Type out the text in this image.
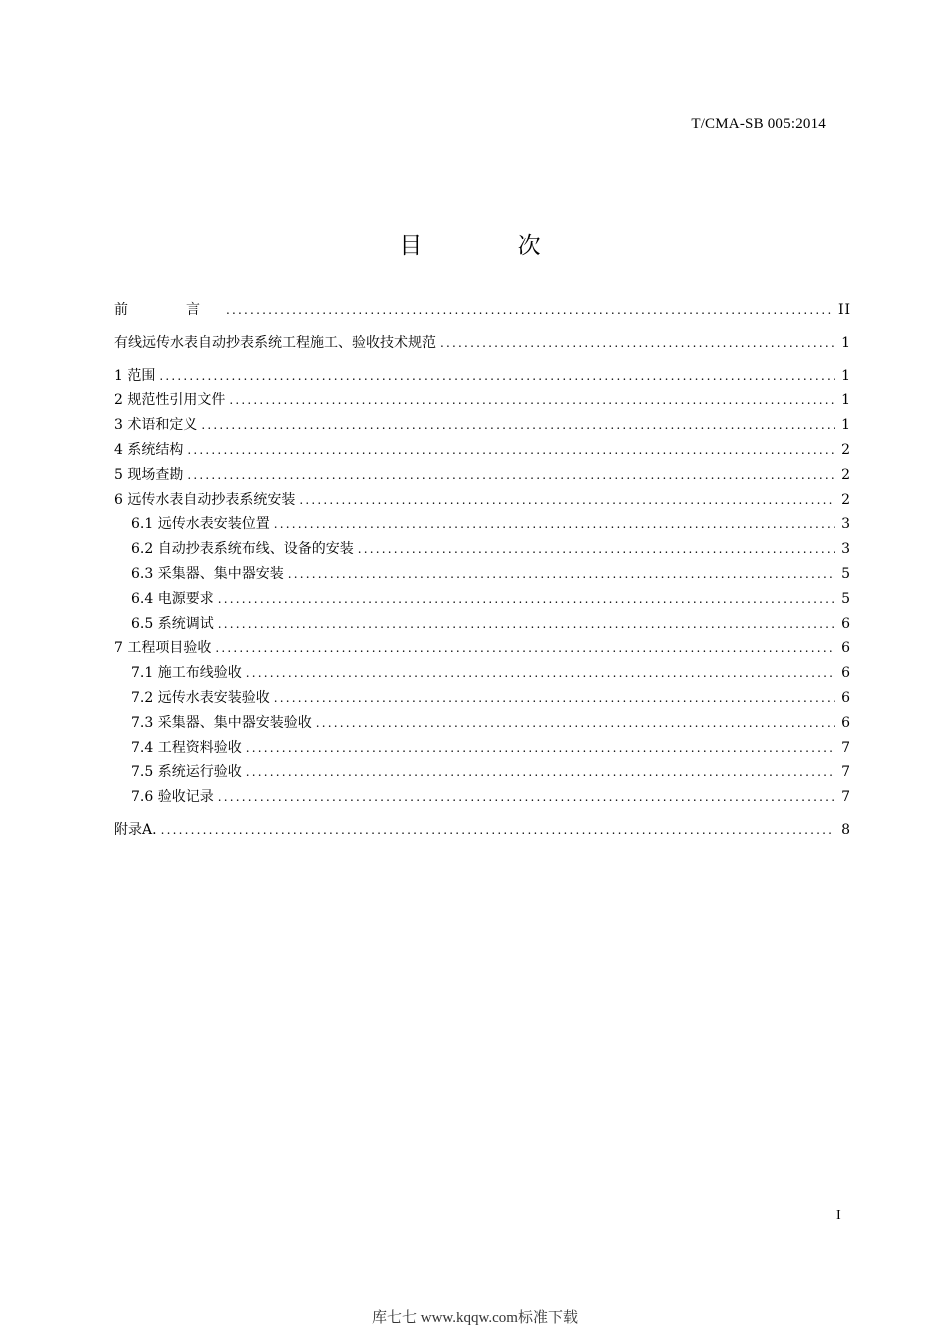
T/CMA-SB 005:2014
目 次
前　言 .....	II
有线远传水表自动抄表系统工程施工、验收技术规范 .....	1
1 范围 .....	1
2 规范性引用文件 .....	1
3 术语和定义 .....	1
4 系统结构 .....	2
5 现场查勘 .....	2
6 远传水表自动抄表系统安装 .....	2
6.1 远传水表安装位置 .....	3
6.2 自动抄表系统布线、设备的安装 .....	3
6.3 采集器、集中器安装 .....	5
6.4 电源要求 .....	5
6.5 系统调试 .....	6
7 工程项目验收 .....	6
7.1 施工布线验收 .....	6
7.2 远传水表安装验收 .....	6
7.3 采集器、集中器安装验收 .....	6
7.4 工程资料验收 .....	7
7.5 系统运行验收 .....	7
7.6 验收记录 .....	7
附录A. .....	8
I
库七七 www.kqqw.com标准下载
